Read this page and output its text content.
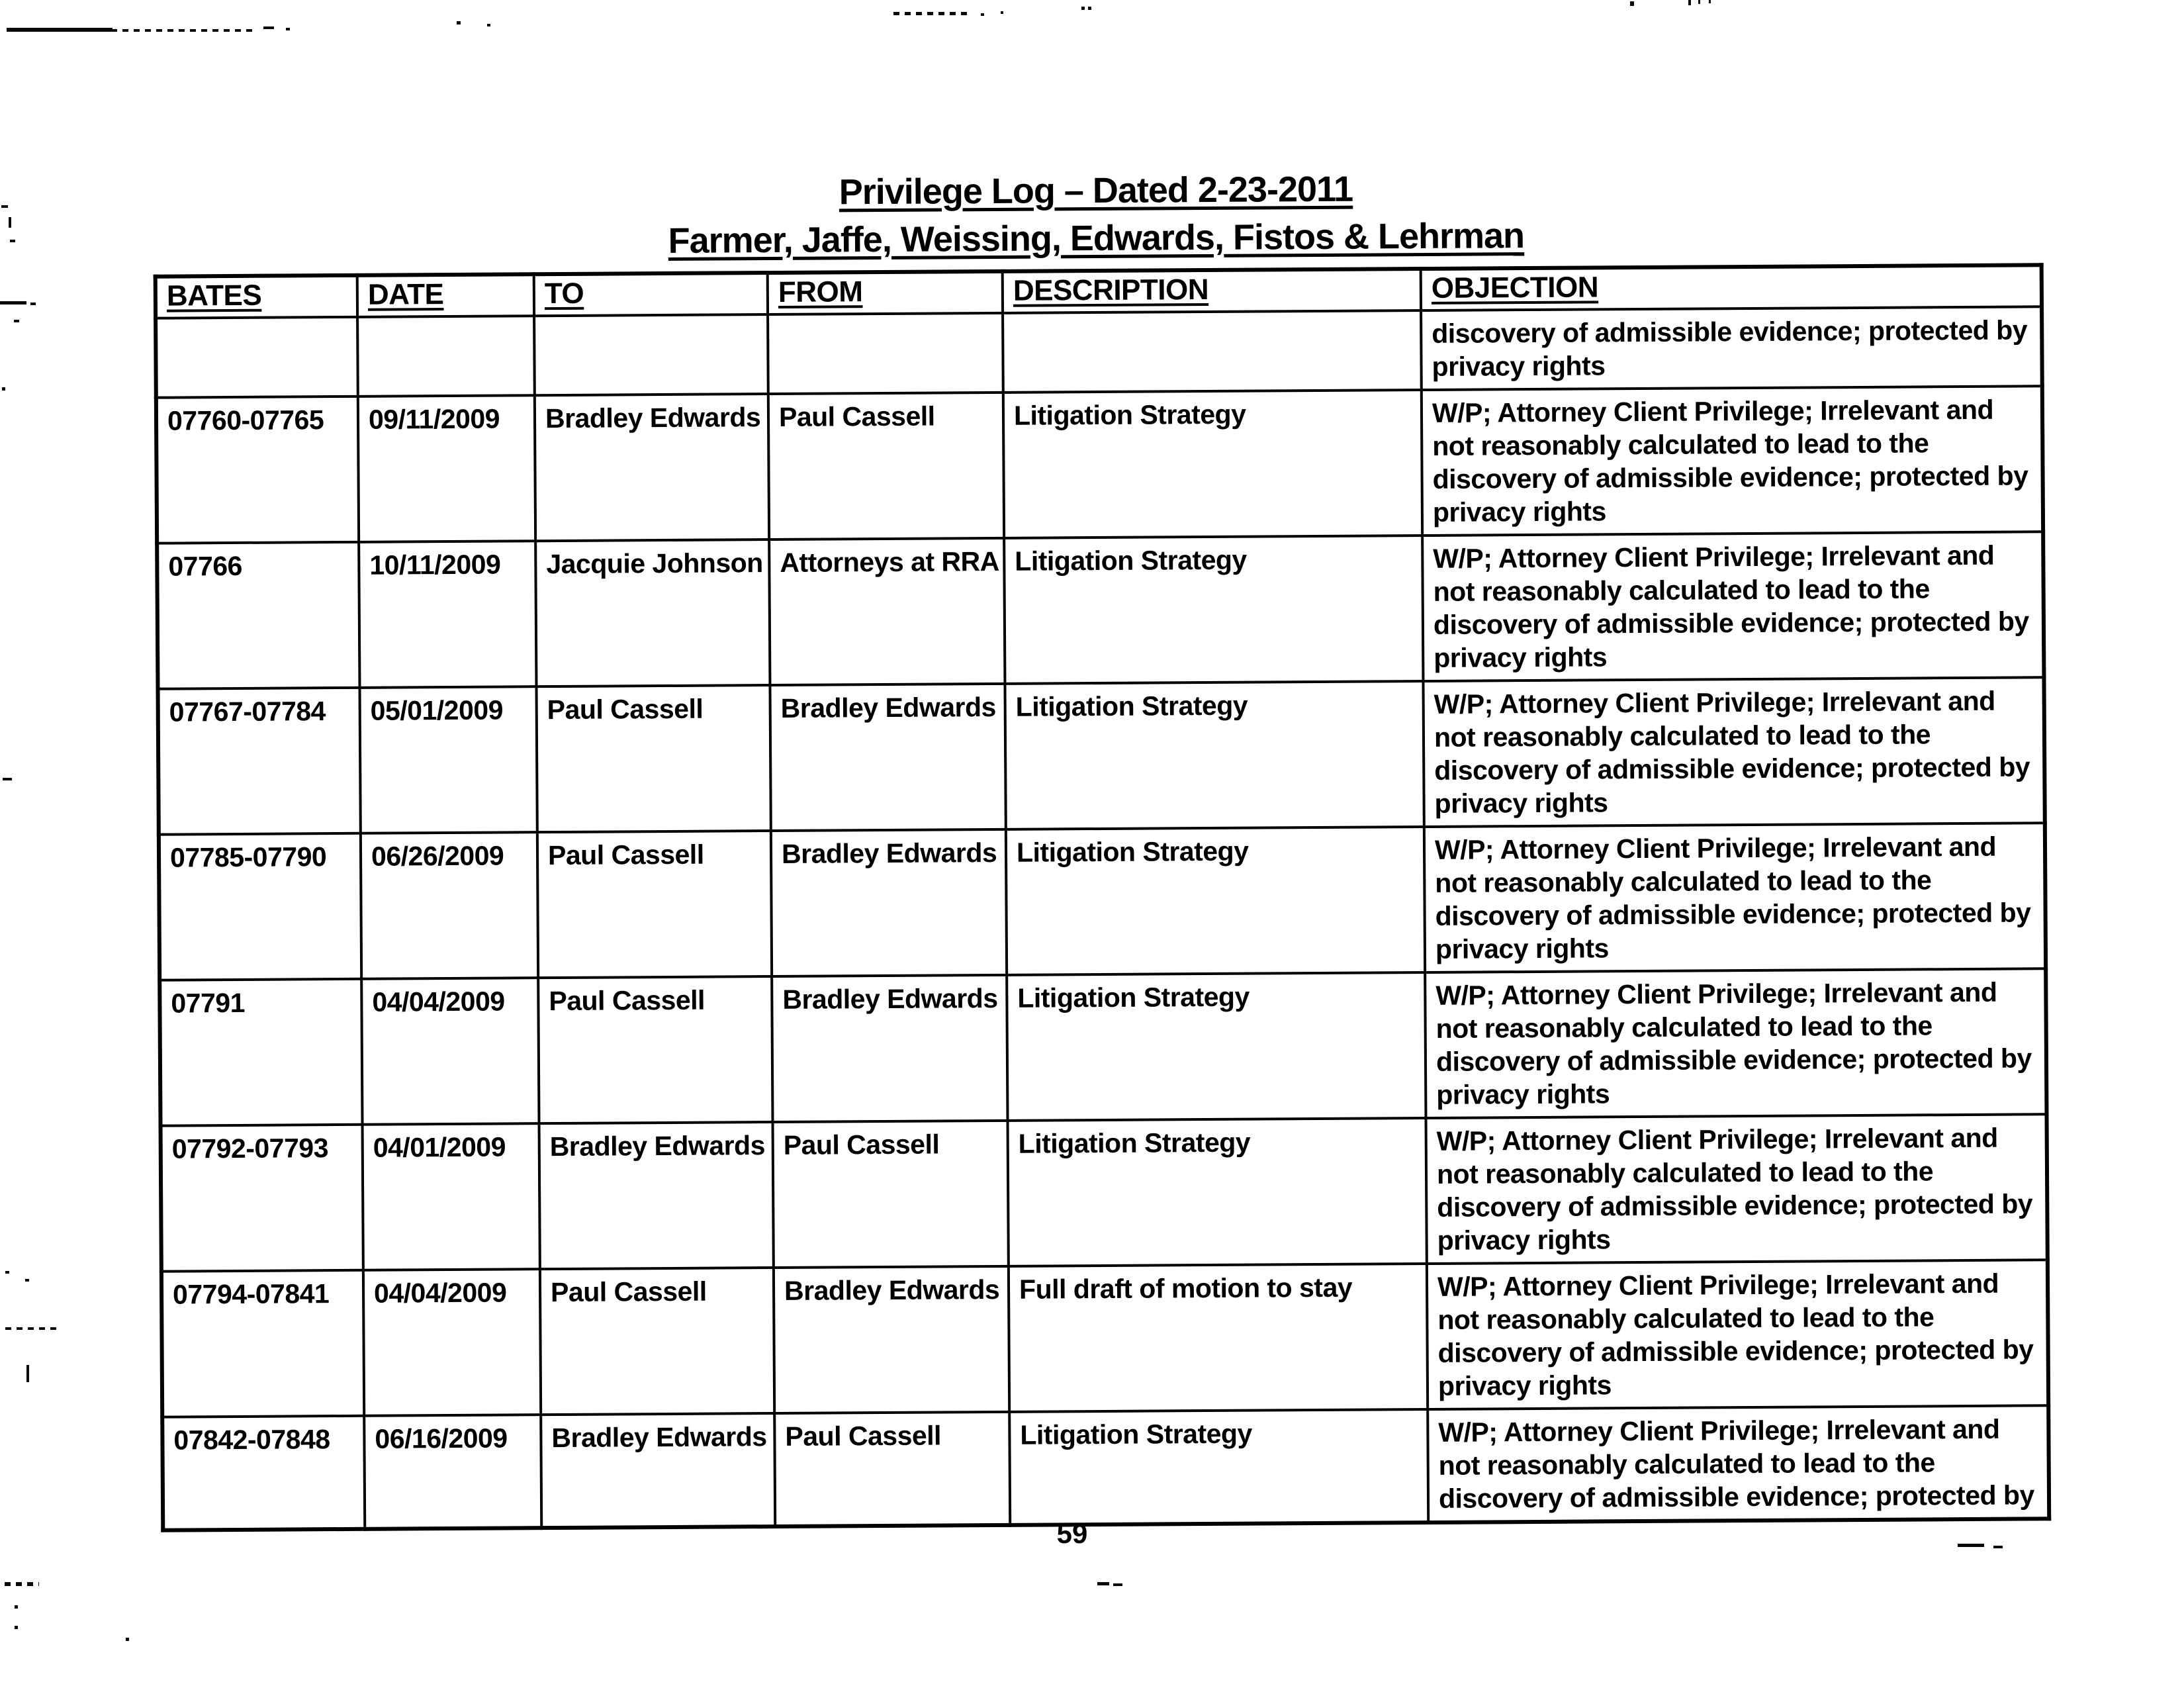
Privilege Log – Dated 2-23-2011
Farmer, Jaffe, Weissing, Edwards, Fistos & Lehrman
BATES	DATE	TO	FROM	DESCRIPTION	OBJECTION
					discovery of admissible evidence; protected by privacy rights
07760-07765	09/11/2009	Bradley Edwards	Paul Cassell	Litigation Strategy	W/P; Attorney Client Privilege; Irrelevant and not reasonably calculated to lead to the discovery of admissible evidence; protected by privacy rights
07766	10/11/2009	Jacquie Johnson	Attorneys at RRA	Litigation Strategy	W/P; Attorney Client Privilege; Irrelevant and not reasonably calculated to lead to the discovery of admissible evidence; protected by privacy rights
07767-07784	05/01/2009	Paul Cassell	Bradley Edwards	Litigation Strategy	W/P; Attorney Client Privilege; Irrelevant and not reasonably calculated to lead to the discovery of admissible evidence; protected by privacy rights
07785-07790	06/26/2009	Paul Cassell	Bradley Edwards	Litigation Strategy	W/P; Attorney Client Privilege; Irrelevant and not reasonably calculated to lead to the discovery of admissible evidence; protected by privacy rights
07791	04/04/2009	Paul Cassell	Bradley Edwards	Litigation Strategy	W/P; Attorney Client Privilege; Irrelevant and not reasonably calculated to lead to the discovery of admissible evidence; protected by privacy rights
07792-07793	04/01/2009	Bradley Edwards	Paul Cassell	Litigation Strategy	W/P; Attorney Client Privilege; Irrelevant and not reasonably calculated to lead to the discovery of admissible evidence; protected by privacy rights
07794-07841	04/04/2009	Paul Cassell	Bradley Edwards	Full draft of motion to stay	W/P; Attorney Client Privilege; Irrelevant and not reasonably calculated to lead to the discovery of admissible evidence; protected by privacy rights
07842-07848	06/16/2009	Bradley Edwards	Paul Cassell	Litigation Strategy	W/P; Attorney Client Privilege; Irrelevant and not reasonably calculated to lead to the discovery of admissible evidence; protected by
59
